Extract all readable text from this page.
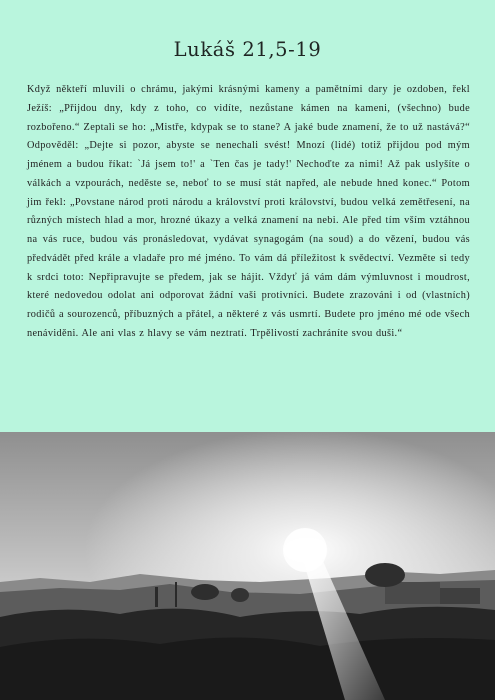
Lukáš 21,5-19

Když někteří mluvili o chrámu, jakými krásnými kameny a pamětními dary je ozdoben, řekl Ježíš: „Přijdou dny, kdy z toho, co vidíte, nezůstane kámen na kameni, (všechno) bude rozbořeno.“ Zeptali se ho: „Mistře, kdypak se to stane? A jaké bude znamení, že to už nastává?“ Odpověděl: „Dejte si pozor, abyste se nenechali svést! Mnozí (lidé) totiž přijdou pod mým jménem a budou říkat: `Já jsem to!' a `Ten čas je tady!' Nechoďte za nimi! Až pak uslyšíte o válkách a vzpourách, neděste se, neboť to se musí stát napřed, ale nebude hned konec.“ Potom jim řekl: „Povstane národ proti národu a království proti království, budou velká zemětřesení, na různých místech hlad a mor, hrozné úkazy a velká znamení na nebi. Ale před tím vším vztáhnou na vás ruce, budou vás pronásledovat, vydávat synagogám (na soud) a do vězení, budou vás předvádět před krále a vladaře pro mé jméno. To vám dá příležitost k svědectví. Vezměte si tedy k srdci toto: Nepřipravujte se předem, jak se hájit. Vždyť já vám dám výmluvnost i moudrost, které nedovedou odolat ani odporovat žádní vaši protivníci. Budete zrazováni i od (vlastních) rodičů a sourozenců, příbuzných a přátel, a některé z vás usmrtí. Budete pro jméno mé ode všech nenáviděni. Ale ani vlas z hlavy se vám neztratí. Trpělivostí zachráníte svou duši.“
